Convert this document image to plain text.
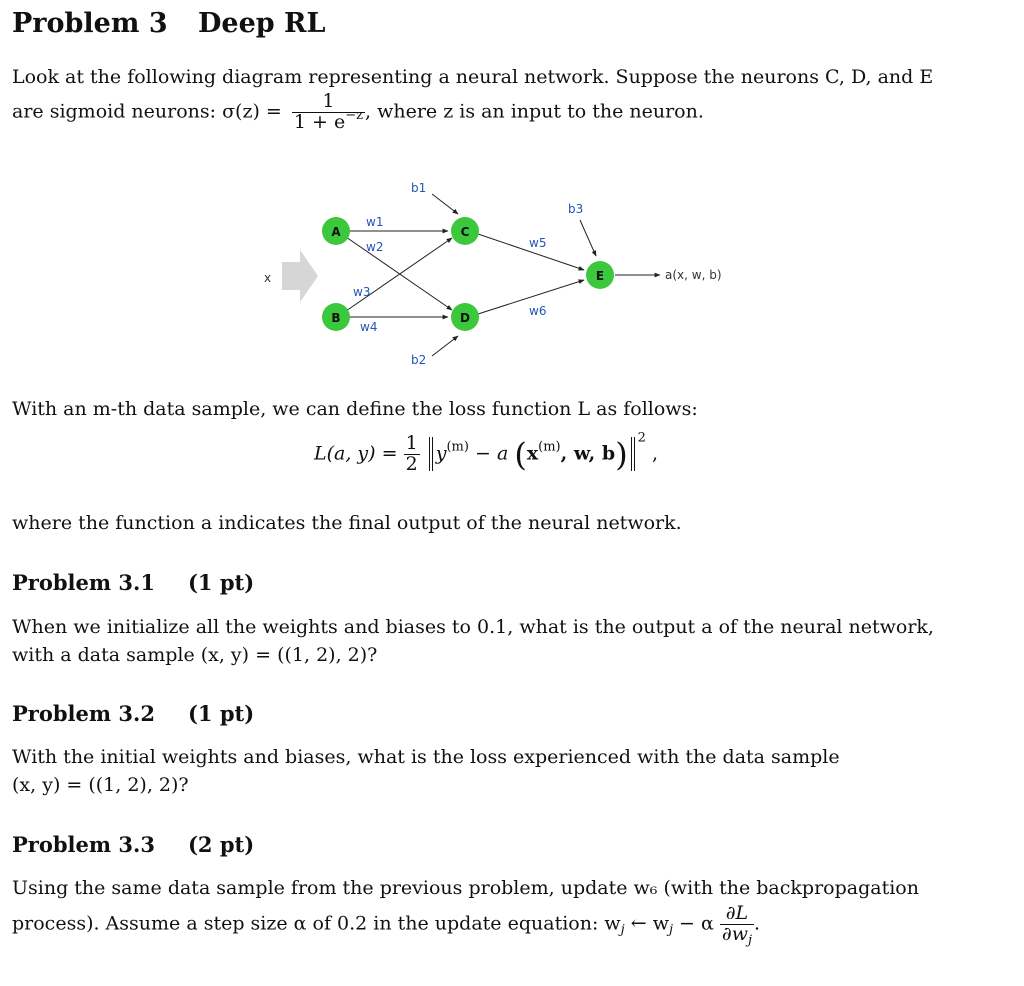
Problem 3 Deep RL
Look at the following diagram representing a neural network. Suppose the neurons C, D, and E
are sigmoid neurons: $\sigma(z) = \frac{1}{1 + e^{-z}}$ , where z is an input to the neuron.
x
A
B
C
D
E
w1
w2
w3
w4
w5
w6
b1
b2
b3
a(x, w, b)
With an m-th data sample, we can define the loss function L as follows:
L(a, $y) = \frac{1}{2} y^{(m)} - a$ ($x^{(m)}$, w, b) $^2$ ,
where the function a indicates the final output of the neural network.
Problem 3.1 (1 pt)
When we initialize all the weights and biases to 0.1, what is the output a of the neural network,
with a data sample (x, y) = ((1, 2), 2)?
Problem 3.2 (1 pt)
With the initial weights and biases, what is the loss experienced with the data sample
(x, y) = ((1, 2), 2)?
Problem 3.3 (2 pt)
Using the same data sample from the previous problem, update w₆ (with the backpropagation
process). Assume a step size α of 0.2 in the update equation: $w_j$ ← $w_j - \alpha \frac{\partial L}{\partial w_j}$ .
